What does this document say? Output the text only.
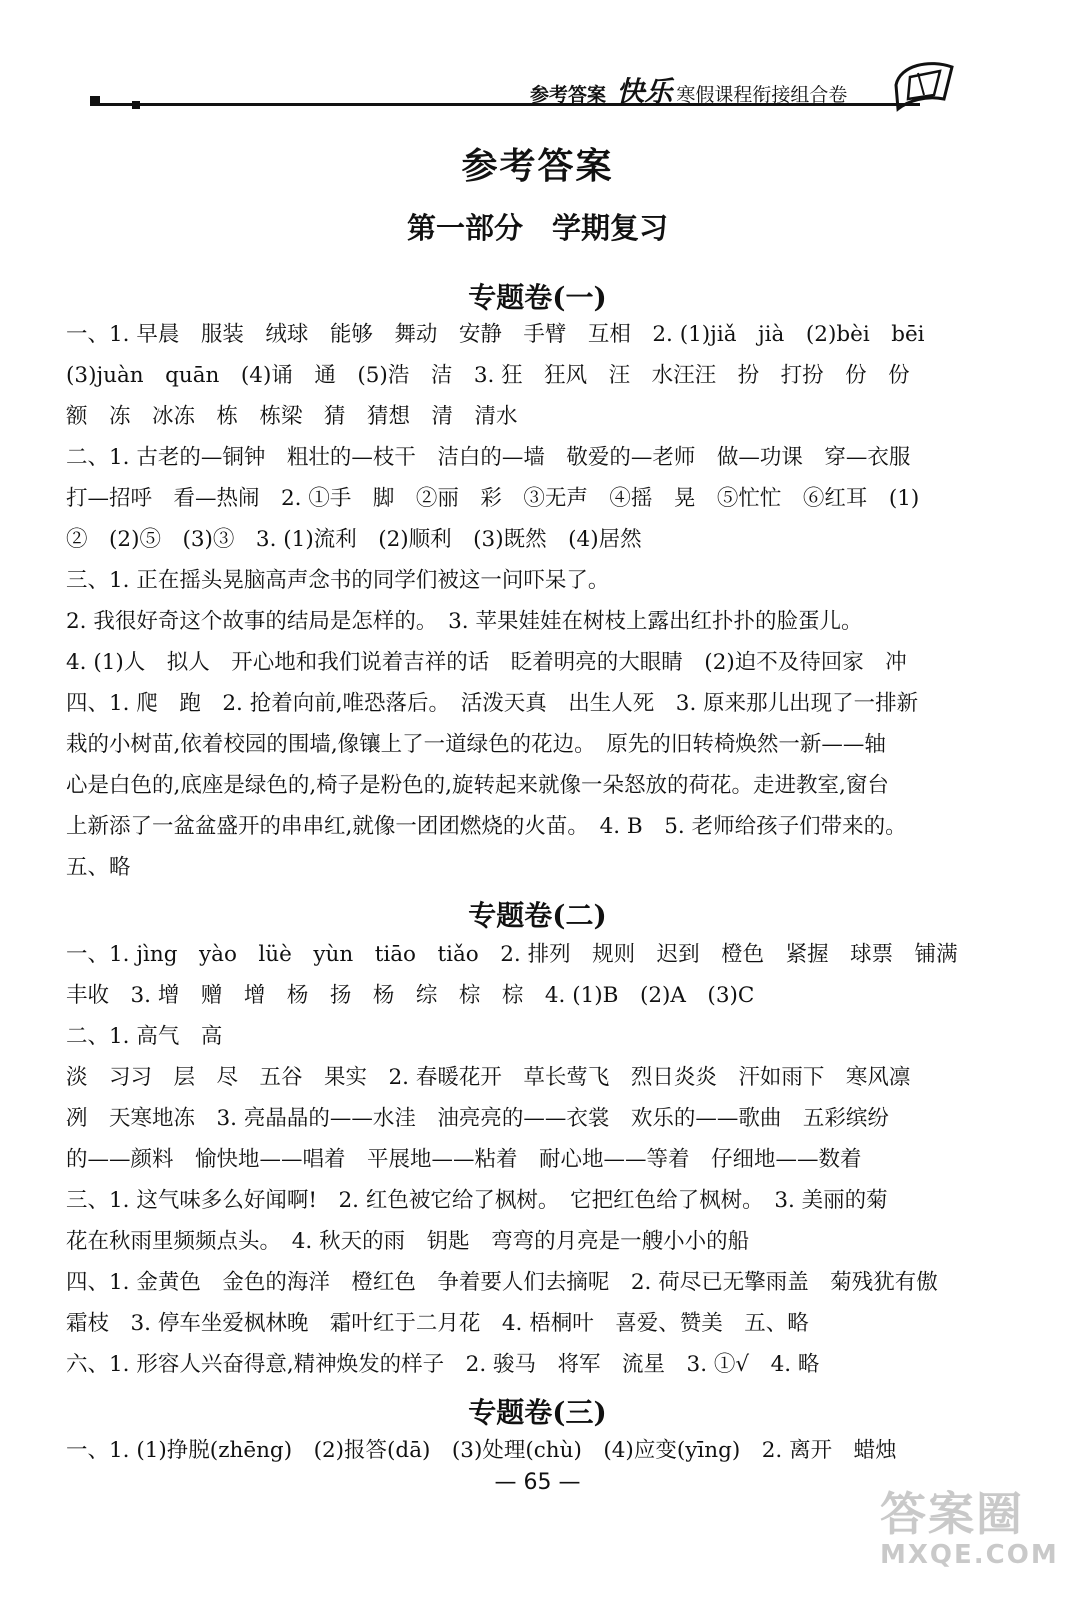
参考答案 快乐 寒假课程衔接组合卷
参考答案
第一部分　学期复习
专题卷(一)
一、1. 早晨　服装　绒球　能够　舞动　安静　手臂　互相　2. (1)jiǎ　jià　(2)bèi　bēi
(3)juàn　quān　(4)诵　通　(5)浩　洁　3. 狂　狂风　汪　水汪汪　扮　打扮　份　份
额　冻　冰冻　栋　栋梁　猜　猜想　清　清水
二、1. 古老的—铜钟　粗壮的—枝干　洁白的—墙　敬爱的—老师　做—功课　穿—衣服
打—招呼　看—热闹　2. ①手　脚　②丽　彩　③无声　④摇　晃　⑤忙忙　⑥红耳　(1)
②　(2)⑤　(3)③　3. (1)流利　(2)顺利　(3)既然　(4)居然
三、1. 正在摇头晃脑高声念书的同学们被这一问吓呆了。
2. 我很好奇这个故事的结局是怎样的。　3. 苹果娃娃在树枝上露出红扑扑的脸蛋儿。
4. (1)人　拟人　开心地和我们说着吉祥的话　眨着明亮的大眼睛　(2)迫不及待回家　冲
四、1. 爬　跑　2. 抢着向前,唯恐落后。　活泼天真　出生人死　3. 原来那儿出现了一排新
栽的小树苗,依着校园的围墙,像镶上了一道绿色的花边。　原先的旧转椅焕然一新——轴
心是白色的,底座是绿色的,椅子是粉色的,旋转起来就像一朵怒放的荷花。走进教室,窗台
上新添了一盆盆盛开的串串红,就像一团团燃烧的火苗。　4. B　5. 老师给孩子们带来的。
五、略
专题卷(二)
一、1. jìng　yào　lüè　yùn　tiāo　tiǎo　2. 排列　规则　迟到　橙色　紧握　球票　铺满
丰收　3. 增　赠　增　杨　扬　杨　综　棕　棕　4. (1)B　(2)A　(3)C
二、1. 高气　高
淡　习习　层　尽　五谷　果实　2. 春暖花开　草长莺飞　烈日炎炎　汗如雨下　寒风凛
冽　天寒地冻　3. 亮晶晶的——水洼　油亮亮的——衣裳　欢乐的——歌曲　五彩缤纷
的——颜料　愉快地——唱着　平展地——粘着　耐心地——等着　仔细地——数着
三、1. 这气味多么好闻啊!　2. 红色被它给了枫树。　它把红色给了枫树。　3. 美丽的菊
花在秋雨里频频点头。　4. 秋天的雨　钥匙　弯弯的月亮是一艘小小的船
四、1. 金黄色　金色的海洋　橙红色　争着要人们去摘呢　2. 荷尽已无擎雨盖　菊残犹有傲
霜枝　3. 停车坐爱枫林晚　霜叶红于二月花　4. 梧桐叶　喜爱、赞美　五、略
六、1. 形容人兴奋得意,精神焕发的样子　2. 骏马　将军　流星　3. ①√　4. 略
专题卷(三)
一、1. (1)挣脱(zhēng)　(2)报答(dā)　(3)处理(chù)　(4)应变(yīng)　2. 离开　蜡烛
— 65 —
答案圈
MXQE.COM
